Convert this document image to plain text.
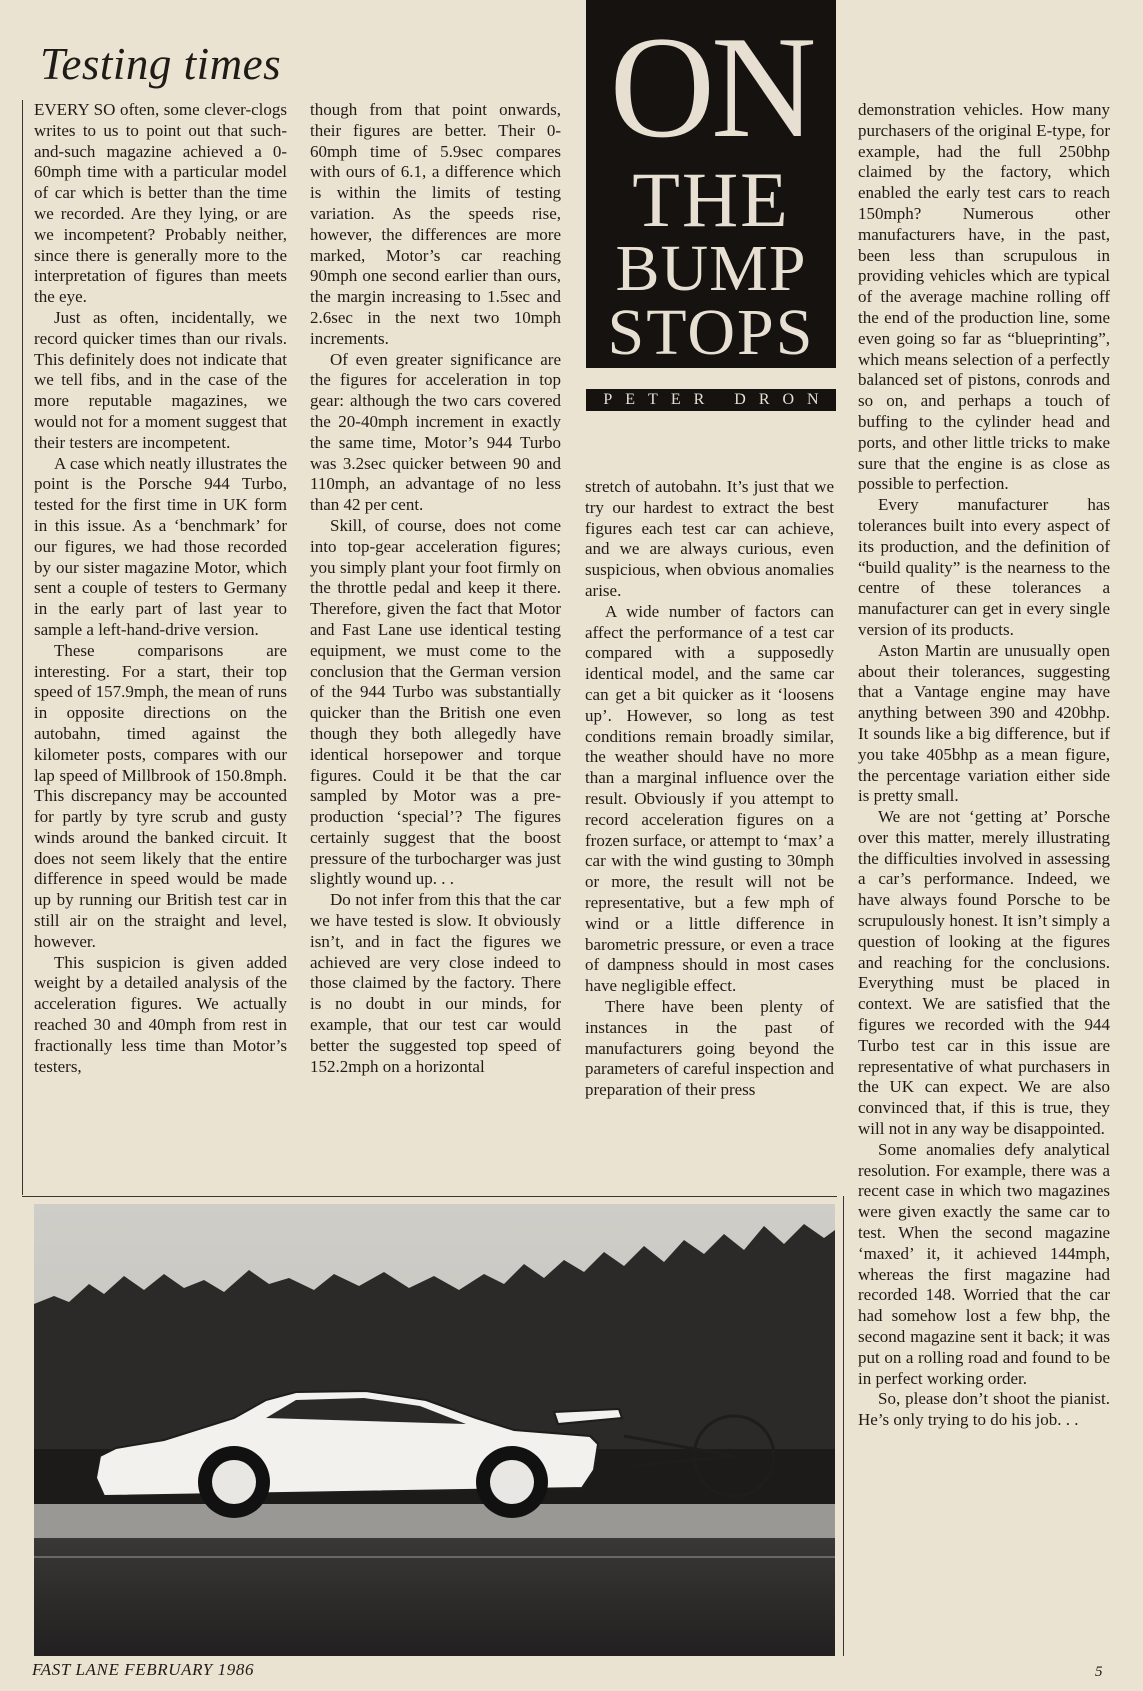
Testing times	ON
THE
BUMP
STOPS
PETER DRON

EVERY SO often, some clever-clogs writes to us to point out that such-and-such magazine achieved a 0-60mph time with a particular model of car which is better than the time we recorded. Are they lying, or are we incompetent? Probably neither, since there is generally more to the interpretation of figures than meets the eye.

Just as often, incidentally, we record quicker times than our rivals. This definitely does not indicate that we tell fibs, and in the case of the more reputable magazines, we would not for a moment suggest that their testers are incompetent.

A case which neatly illustrates the point is the Porsche 944 Turbo, tested for the first time in UK form in this issue. As a ‘benchmark’ for our figures, we had those recorded by our sister magazine Motor, which sent a couple of testers to Germany in the early part of last year to sample a left-hand-drive version.

These comparisons are interesting. For a start, their top speed of 157.9mph, the mean of runs in opposite directions on the autobahn, timed against the kilometer posts, compares with our lap speed of Millbrook of 150.8mph. This discrepancy may be accounted for partly by tyre scrub and gusty winds around the banked circuit. It does not seem likely that the entire difference in speed would be made up by running our British test car in still air on the straight and level, however.

This suspicion is given added weight by a detailed analysis of the acceleration figures. We actually reached 30 and 40mph from rest in fractionally less time than Motor’s testers,

though from that point onwards, their figures are better. Their 0-60mph time of 5.9sec compares with ours of 6.1, a difference which is within the limits of testing variation. As the speeds rise, however, the differences are more marked, Motor’s car reaching 90mph one second earlier than ours, the margin increasing to 1.5sec and 2.6sec in the next two 10mph increments.

Of even greater significance are the figures for acceleration in top gear: although the two cars covered the 20-40mph increment in exactly the same time, Motor’s 944 Turbo was 3.2sec quicker between 90 and 110mph, an advantage of no less than 42 per cent.

Skill, of course, does not come into top-gear acceleration figures; you simply plant your foot firmly on the throttle pedal and keep it there. Therefore, given the fact that Motor and Fast Lane use identical testing equipment, we must come to the conclusion that the German version of the 944 Turbo was substantially quicker than the British one even though they both allegedly have identical horsepower and torque figures. Could it be that the car sampled by Motor was a pre-production ‘special’? The figures certainly suggest that the boost pressure of the turbocharger was just slightly wound up. . .

Do not infer from this that the car we have tested is slow. It obviously isn’t, and in fact the figures we achieved are very close indeed to those claimed by the factory. There is no doubt in our minds, for example, that our test car would better the suggested top speed of 152.2mph on a horizontal

stretch of autobahn. It’s just that we try our hardest to extract the best figures each test car can achieve, and we are always curious, even suspicious, when obvious anomalies arise.

A wide number of factors can affect the performance of a test car compared with a supposedly identical model, and the same car can get a bit quicker as it ‘loosens up’. However, so long as test conditions remain broadly similar, the weather should have no more than a marginal influence over the result. Obviously if you attempt to record acceleration figures on a frozen surface, or attempt to ‘max’ a car with the wind gusting to 30mph or more, the result will not be representative, but a few mph of wind or a little difference in barometric pressure, or even a trace of dampness should in most cases have negligible effect.

There have been plenty of instances in the past of manufacturers going beyond the parameters of careful inspection and preparation of their press

demonstration vehicles. How many purchasers of the original E-type, for example, had the full 250bhp claimed by the factory, which enabled the early test cars to reach 150mph? Numerous other manufacturers have, in the past, been less than scrupulous in providing vehicles which are typical of the average machine rolling off the end of the production line, some even going so far as “blueprinting”, which means selection of a perfectly balanced set of pistons, conrods and so on, and perhaps a touch of buffing to the cylinder head and ports, and other little tricks to make sure that the engine is as close as possible to perfection.

Every manufacturer has tolerances built into every aspect of its production, and the definition of “build quality” is the nearness to the centre of these tolerances a manufacturer can get in every single version of its products.

Aston Martin are unusually open about their tolerances, suggesting that a Vantage engine may have anything between 390 and 420bhp. It sounds like a big difference, but if you take 405bhp as a mean figure, the percentage variation either side is pretty small.

We are not ‘getting at’ Porsche over this matter, merely illustrating the difficulties involved in assessing a car’s performance. Indeed, we have always found Porsche to be scrupulously honest. It isn’t simply a question of looking at the figures and reaching for the conclusions. Everything must be placed in context. We are satisfied that the figures we recorded with the 944 Turbo test car in this issue are representative of what purchasers in the UK can expect. We are also convinced that, if this is true, they will not in any way be disappointed.

Some anomalies defy analytical resolution. For example, there was a recent case in which two magazines were given exactly the same car to test. When the second magazine ‘maxed’ it, it achieved 144mph, whereas the first magazine had recorded 148. Worried that the car had somehow lost a few bhp, the second magazine sent it back; it was put on a rolling road and found to be in perfect working order.

So, please don’t shoot the pianist. He’s only trying to do his job. . .

FAST LANE FEBRUARY 1986	5
